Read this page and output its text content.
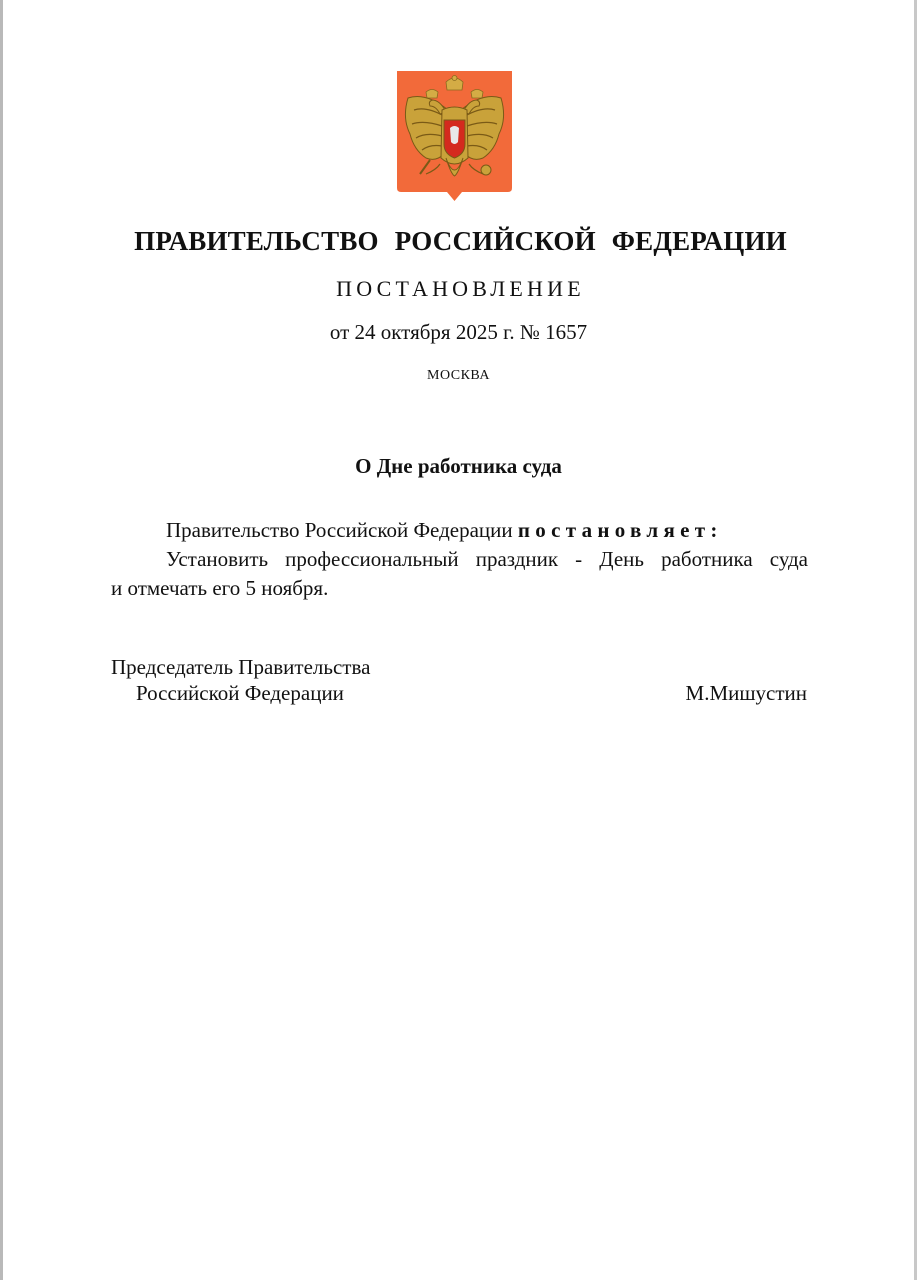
ПРАВИТЕЛЬСТВО РОССИЙСКОЙ ФЕДЕРАЦИИ
ПОСТАНОВЛЕНИЕ
от 24 октября 2025 г. № 1657
МОСКВА
О Дне работника суда
Правительство Российской Федерации постановляет:
Установить профессиональный праздник - День работника суда
и отмечать его 5 ноября.
Председатель Правительства
Российской Федерации	М.Мишустин
